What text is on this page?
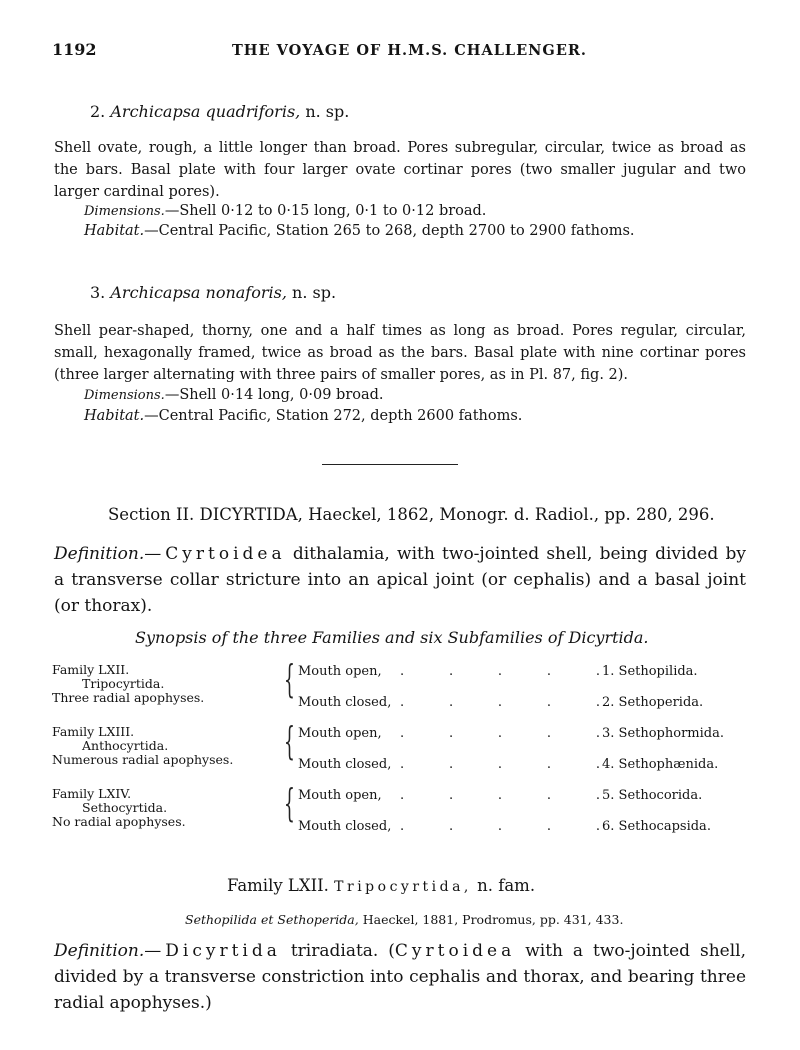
1192	THE VOYAGE OF H.M.S. CHALLENGER.
2. Archicapsa quadriforis, n. sp.
Shell ovate, rough, a little longer than broad. Pores subregular, circular, twice as broad as the bars. Basal plate with four larger ovate cortinar pores (two smaller jugular and two larger cardinal pores).
Dimensions.—Shell 0·12 to 0·15 long, 0·1 to 0·12 broad.
Habitat.—Central Pacific, Station 265 to 268, depth 2700 to 2900 fathoms.
3. Archicapsa nonaforis, n. sp.
Shell pear-shaped, thorny, one and a half times as long as broad. Pores regular, circular, small, hexagonally framed, twice as broad as the bars. Basal plate with nine cortinar pores (three larger alternating with three pairs of smaller pores, as in Pl. 87, fig. 2).
Dimensions.—Shell 0·14 long, 0·09 broad.
Habitat.—Central Pacific, Station 272, depth 2600 fathoms.
Section II. DICYRTIDA, Haeckel, 1862, Monogr. d. Radiol., pp. 280, 296.
Definition.—Cyrtoidea dithalamia, with two-jointed shell, being divided by a transverse collar stricture into an apical joint (or cephalis) and a basal joint (or thorax).
Synopsis of the three Families and six Subfamilies of Dicyrtida.
Family LXII.
Tripocyrtida.
Three radial apophyses. { Mouth open, .	.	.	.	. 1. Sethopilida.
Mouth closed, .	.	.	.	. 2. Sethoperida.
Family LXIII.
Anthocyrtida.
Numerous radial apophyses. { Mouth open, .	.	.	.	. 3. Sethophormida.
Mouth closed, .	.	.	.	. 4. Sethophænida.
Family LXIV.
Sethocyrtida.
No radial apophyses.	{ Mouth open, .	.	.	.	. 5. Sethocorida.
Mouth closed, .	.	.	.	. 6. Sethocapsida.
Family LXII. Tripocyrtida, n. fam.
Sethopilida et Sethoperida, Haeckel, 1881, Prodromus, pp. 431, 433.
Definition.—Dicyrtida triradiata. (Cyrtoidea with a two-jointed shell, divided by a transverse constriction into cephalis and thorax, and bearing three radial apophyses.)
